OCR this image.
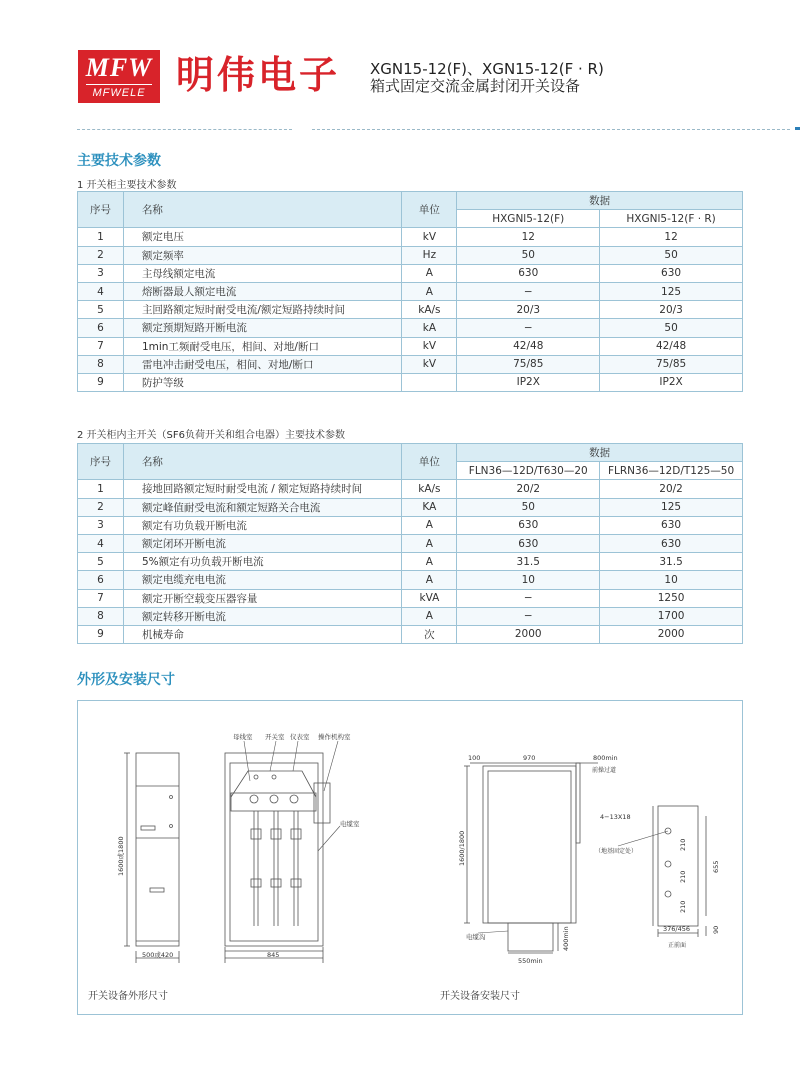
MFW
MFWELE 明伟电子 XGN15-12(F)、XGN15-12(F · R)
箱式固定交流金属封闭开关设备
主要技术参数
1 开关柜主要技术参数
序号	名称	单位	数据	
			HXGNl5-12(F)	HXGNl5-12(F · R)
1	额定电压	kV	12	12
2	额定频率	Hz	50	50
3	主母线额定电流	A	630	630
4	熔断器最人额定电流	A	−	125
5	主回路额定短时耐受电流/额定短路持续时间	kA/s	20/3	20/3
6	额定预期短路开断电流	kA	−	50
7	1min工频耐受电压，相间、对地/断口	kV	42/48	42/48
8	雷电冲击耐受电压，相间、对地/断口	kV	75/85	75/85
9	防护等级		IP2X	IP2X
2 开关柜内主开关（SF6负荷开关和组合电器）主要技术参数
序号	名称	单位	数据	
			FLN36—12D/T630—20	FLRN36—12D/T125—50
1	接地回路额定短时耐受电流 / 额定短路持续时间	kA/s	20/2	20/2
2	额定峰值耐受电流和额定短路关合电流	KA	50	125
3	额定有功负载开断电流	A	630	630
4	额定闭环开断电流	A	630	630
5	5%额定有功负载开断电流	A	31.5	31.5
6	额定电缆充电电流	A	10	10
7	额定开断空载变压器容量	kVA	−	1250
8	额定转移开断电流	A	−	1700
9	机械寿命	次	2000	2000
外形及安装尺寸
母线室 开关室 仪表室 操作机构室
电缆室
1600或1800
500或420	845
100	970	800min
前操过道
1600/1800
4−13X18
（地基固定处）
210
210
210
655
90
376/456
正前面
电缆沟	400min
550min
开关设备外形尺寸	开关设备安装尺寸
